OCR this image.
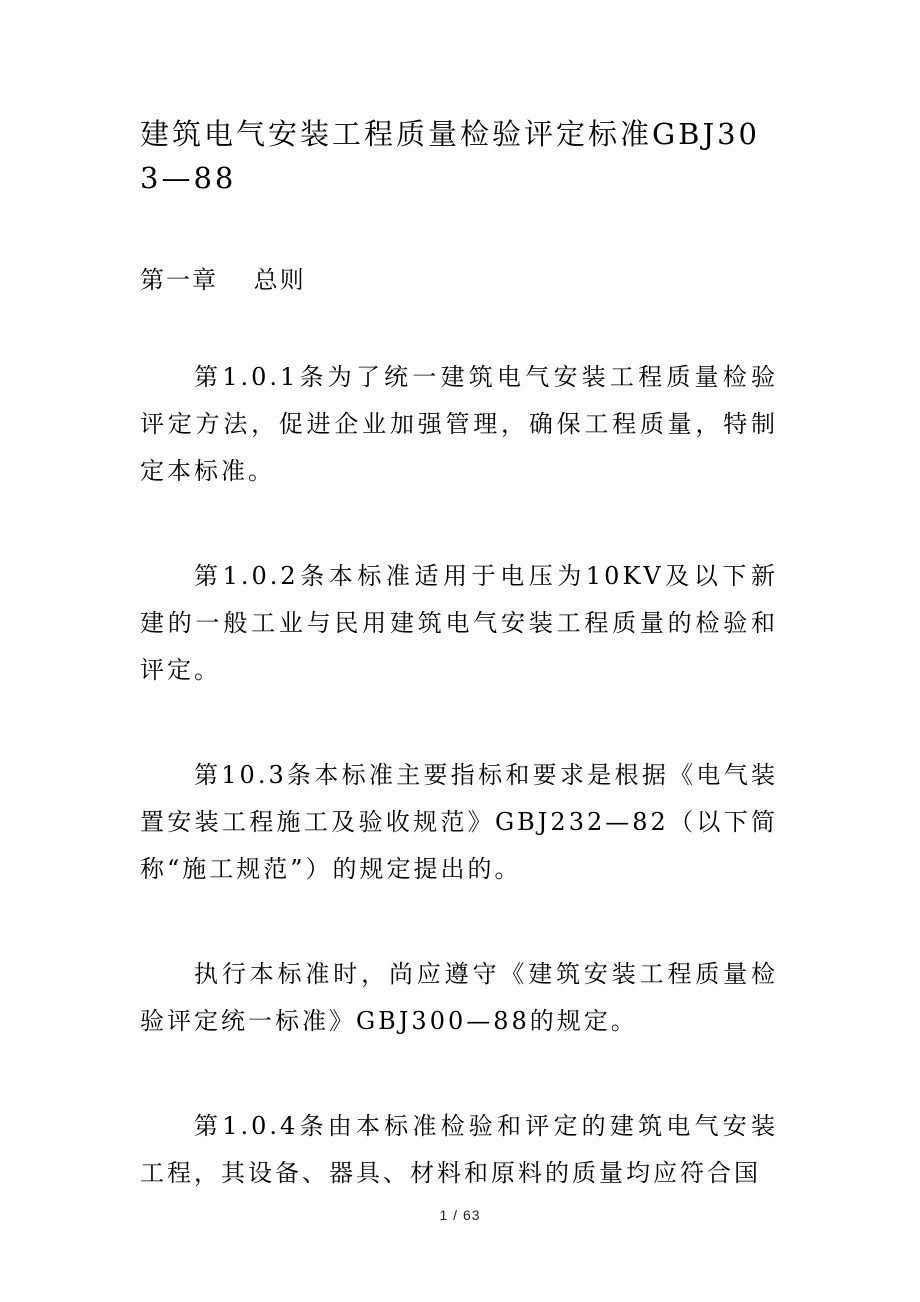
建筑电气安装工程质量检验评定标准GBJ303—88
第一章　 总则

第1.0.1条为了统一建筑电气安装工程质量检验评定方法，促进企业加强管理，确保工程质量，特制定本标准。

第1.0.2条本标准适用于电压为10KV及以下新建的一般工业与民用建筑电气安装工程质量的检验和评定。

第10.3条本标准主要指标和要求是根据《电气装置安装工程施工及验收规范》GBJ232—82（以下简称“施工规范”）的规定提出的。

执行本标准时，尚应遵守《建筑安装工程质量检验评定统一标准》GBJ300—88的规定。

第1.0.4条由本标准检验和评定的建筑电气安装工程，其设备、器具、材料和原料的质量均应符合国

1 / 63
